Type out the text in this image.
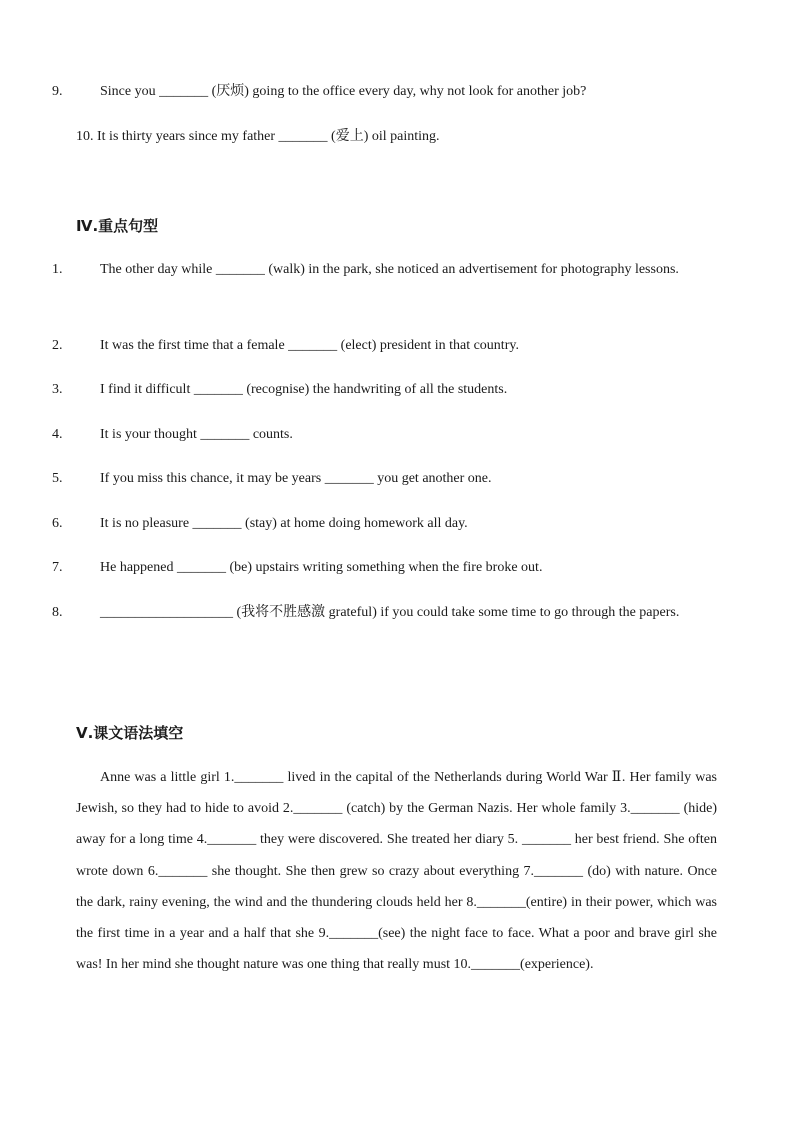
9.	Since you _______ (厌烦) going to the office every day, why not look for another job?

10. It is thirty years since my father _______ (爱上) oil painting.

Ⅳ.重点句型

1.	The other day while _______ (walk) in the park, she noticed an advertisement for photography lessons.

2.	It was the first time that a female _______ (elect) president in that country.

3.	I find it difficult _______ (recognise) the handwriting of all the students.

4.	It is your thought _______ counts.

5.	If you miss this chance, it may be years _______ you get another one.

6.	It is no pleasure _______ (stay) at home doing homework all day.

7.	He happened _______ (be) upstairs writing something when the fire broke out.

8.	___________________ (我将不胜感激 grateful) if you could take some time to go through the papers.

Ⅴ.课文语法填空

Anne was a little girl 1._______ lived in the capital of the Netherlands during World War Ⅱ. Her family was Jewish, so they had to hide to avoid 2._______ (catch) by the German Nazis. Her whole family 3._______ (hide) away for a long time 4._______ they were discovered. She treated her diary 5. _______ her best friend. She often wrote down 6._______ she thought. She then grew so crazy about everything 7._______ (do) with nature. Once the dark, rainy evening, the wind and the thundering clouds held her 8._______(entire) in their power, which was the first time in a year and a half that she 9._______(see) the night face to face. What a poor and brave girl she was! In her mind she thought nature was one thing that really must 10._______(experience).
